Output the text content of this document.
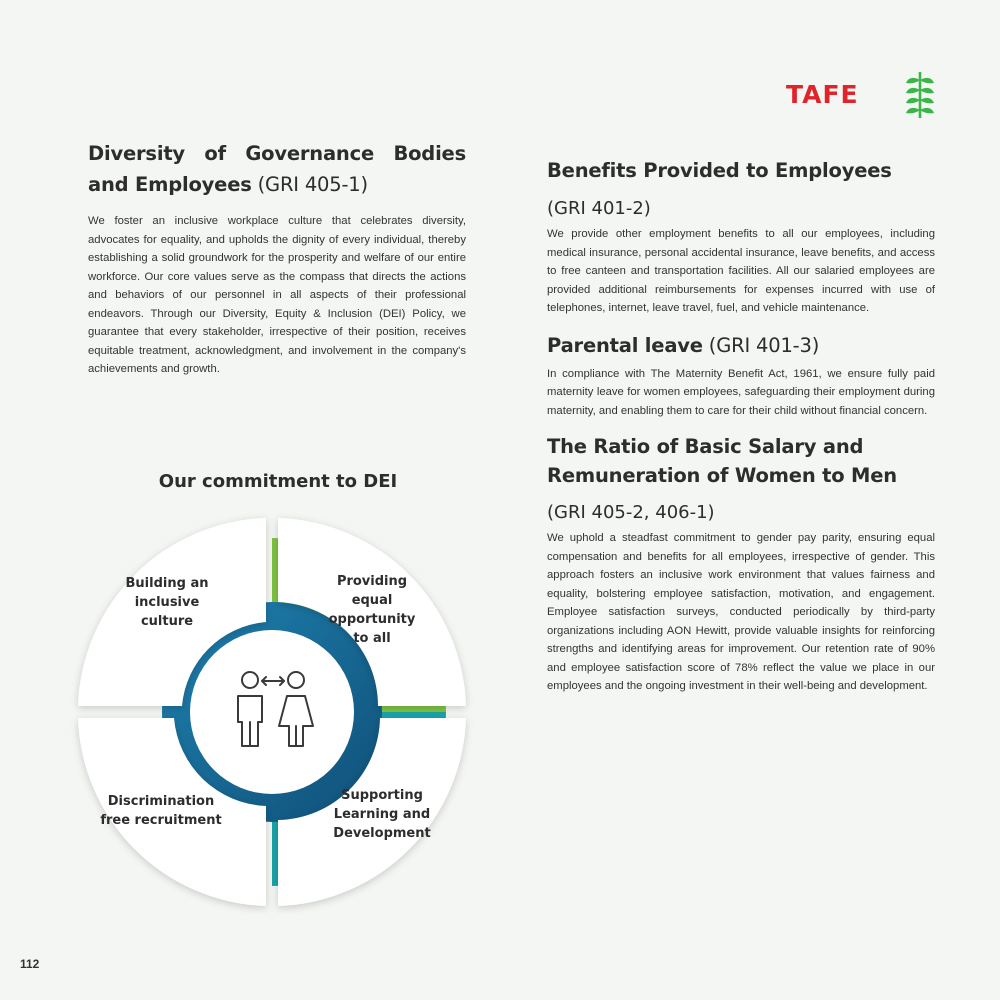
TAFE
Diversity of Governance Bodies and Employees (GRI 405-1)

We foster an inclusive workplace culture that celebrates diversity, advocates for equality, and upholds the dignity of every individual, thereby establishing a solid groundwork for the prosperity and welfare of our entire workforce. Our core values serve as the compass that directs the actions and behaviors of our personnel in all aspects of their professional endeavors. Through our Diversity, Equity & Inclusion (DEI) Policy, we guarantee that every stakeholder, irrespective of their position, receives equitable treatment, acknowledgment, and involvement in the company's achievements and growth.

Our commitment to DEI
Building an inclusive culture
Providing equal opportunity to all
Discrimination free recruitment
Supporting Learning and Development
Benefits Provided to Employees

(GRI 401-2)

We provide other employment benefits to all our employees, including medical insurance, personal accidental insurance, leave benefits, and access to free canteen and transportation facilities. All our salaried employees are provided additional reimbursements for expenses incurred with use of telephones, internet, leave travel, fuel, and vehicle maintenance.

Parental leave (GRI 401-3)

In compliance with The Maternity Benefit Act, 1961, we ensure fully paid maternity leave for women employees, safeguarding their employment during maternity, and enabling them to care for their child without financial concern.

The Ratio of Basic Salary and Remuneration of Women to Men

(GRI 405-2, 406-1)

We uphold a steadfast commitment to gender pay parity, ensuring equal compensation and benefits for all employees, irrespective of gender. This approach fosters an inclusive work environment that values fairness and equality, bolstering employee satisfaction, motivation, and engagement. Employee satisfaction surveys, conducted periodically by third-party organizations including AON Hewitt, provide valuable insights for reinforcing strengths and identifying areas for improvement. Our retention rate of 90% and employee satisfaction score of 78% reflect the value we place in our employees and the ongoing investment in their well-being and development.

112
